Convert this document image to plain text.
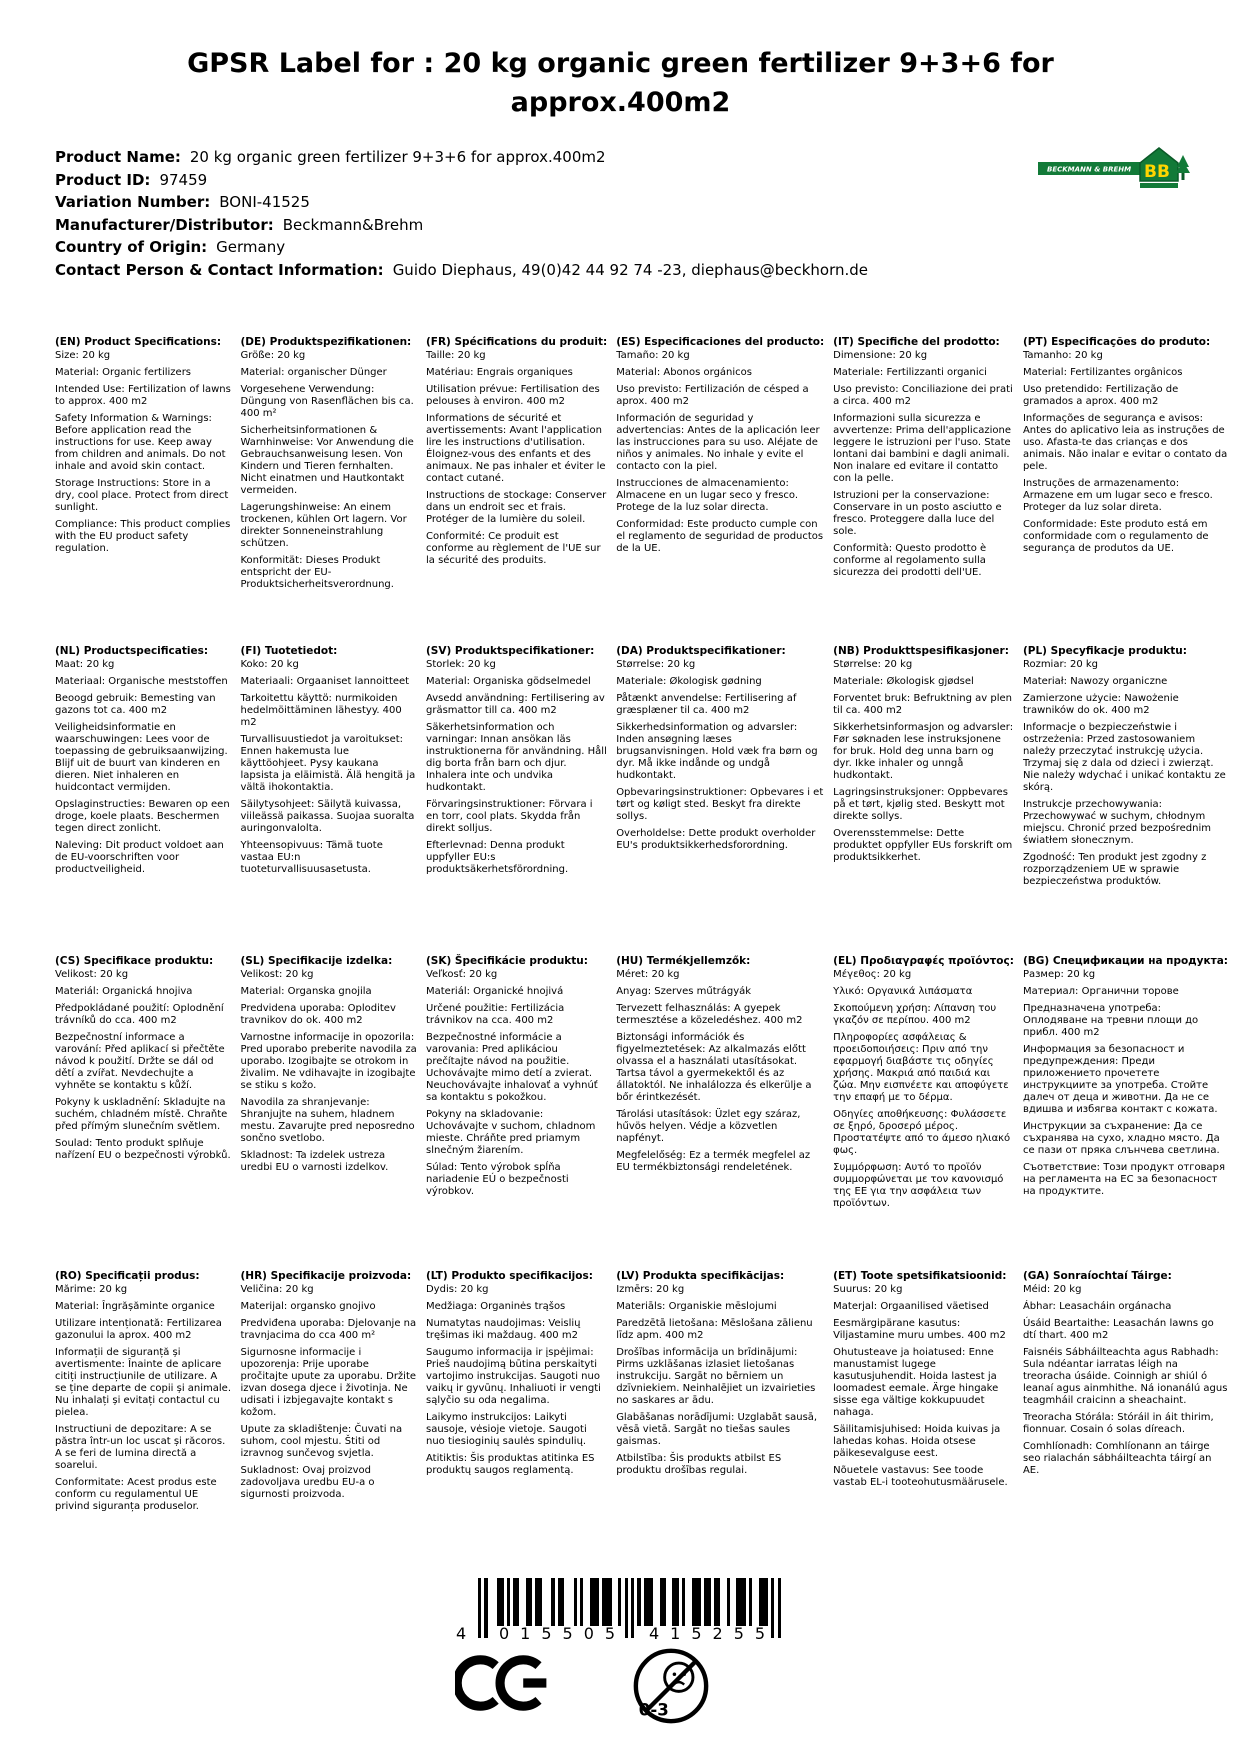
GPSR Label for : 20 kg organic green fertilizer 9+3+6 for approx.400m2
Product Name: 20 kg organic green fertilizer 9+3+6 for approx.400m2
Product ID: 97459
Variation Number: BONI-41525
Manufacturer/Distributor: Beckmann&Brehm
Country of Origin: Germany
Contact Person & Contact Information: Guido Diephaus, 49(0)42 44 92 74 -23, diephaus@beckhorn.de
BECKMANN & BREHM BB
(EN) Product Specifications:

Size: 20 kg

Material: Organic fertilizers

Intended Use: Fertilization of lawns to approx. 400 m2

Safety Information & Warnings: Before application read the instructions for use. Keep away from children and animals. Do not inhale and avoid skin contact.

Storage Instructions: Store in a dry, cool place. Protect from direct sunlight.

Compliance: This product complies with the EU product safety regulation.

(DE) Produktspezifikationen:

Größe: 20 kg

Material: organischer Dünger

Vorgesehene Verwendung: Düngung von Rasenflächen bis ca. 400 m²

Sicherheitsinformationen & Warnhinweise: Vor Anwendung die Gebrauchsanweisung lesen. Von Kindern und Tieren fernhalten. Nicht einatmen und Hautkontakt vermeiden.

Lagerungshinweise: An einem trockenen, kühlen Ort lagern. Vor direkter Sonneneinstrahlung schützen.

Konformität: Dieses Produkt entspricht der EU-Produktsicherheitsverordnung.

(FR) Spécifications du produit:

Taille: 20 kg

Matériau: Engrais organiques

Utilisation prévue: Fertilisation des pelouses à environ. 400 m2

Informations de sécurité et avertissements: Avant l'application lire les instructions d'utilisation. Éloignez-vous des enfants et des animaux. Ne pas inhaler et éviter le contact cutané.

Instructions de stockage: Conserver dans un endroit sec et frais. Protéger de la lumière du soleil.

Conformité: Ce produit est conforme au règlement de l'UE sur la sécurité des produits.

(ES) Especificaciones del producto:

Tamaño: 20 kg

Material: Abonos orgánicos

Uso previsto: Fertilización de césped a aprox. 400 m2

Información de seguridad y advertencias: Antes de la aplicación leer las instrucciones para su uso. Aléjate de niños y animales. No inhale y evite el contacto con la piel.

Instrucciones de almacenamiento: Almacene en un lugar seco y fresco. Protege de la luz solar directa.

Conformidad: Este producto cumple con el reglamento de seguridad de productos de la UE.

(IT) Specifiche del prodotto:

Dimensione: 20 kg

Materiale: Fertilizzanti organici

Uso previsto: Conciliazione dei prati a circa. 400 m2

Informazioni sulla sicurezza e avvertenze: Prima dell'applicazione leggere le istruzioni per l'uso. State lontani dai bambini e dagli animali. Non inalare ed evitare il contatto con la pelle.

Istruzioni per la conservazione: Conservare in un posto asciutto e fresco. Proteggere dalla luce del sole.

Conformità: Questo prodotto è conforme al regolamento sulla sicurezza dei prodotti dell'UE.

(PT) Especificações do produto:

Tamanho: 20 kg

Material: Fertilizantes orgânicos

Uso pretendido: Fertilização de gramados a aprox. 400 m2

Informações de segurança e avisos: Antes do aplicativo leia as instruções de uso. Afasta-te das crianças e dos animais. Não inalar e evitar o contato da pele.

Instruções de armazenamento: Armazene em um lugar seco e fresco. Proteger da luz solar direta.

Conformidade: Este produto está em conformidade com o regulamento de segurança de produtos da UE.

(NL) Productspecificaties:

Maat: 20 kg

Materiaal: Organische meststoffen

Beoogd gebruik: Bemesting van gazons tot ca. 400 m2

Veiligheidsinformatie en waarschuwingen: Lees voor de toepassing de gebruiksaanwijzing. Blijf uit de buurt van kinderen en dieren. Niet inhaleren en huidcontact vermijden.

Opslaginstructies: Bewaren op een droge, koele plaats. Beschermen tegen direct zonlicht.

Naleving: Dit product voldoet aan de EU-voorschriften voor productveiligheid.

(FI) Tuotetiedot:

Koko: 20 kg

Materiaali: Orgaaniset lannoitteet

Tarkoitettu käyttö: nurmikoiden hedelmöittäminen lähestyy. 400 m2

Turvallisuustiedot ja varoitukset: Ennen hakemusta lue käyttöohjeet. Pysy kaukana lapsista ja eläimistä. Älä hengitä ja vältä ihokontaktia.

Säilytysohjeet: Säilytä kuivassa, viileässä paikassa. Suojaa suoralta auringonvalolta.

Yhteensopivuus: Tämä tuote vastaa EU:n tuoteturvallisuusasetusta.

(SV) Produktspecifikationer:

Storlek: 20 kg

Material: Organiska gödselmedel

Avsedd användning: Fertilisering av gräsmattor till ca. 400 m2

Säkerhetsinformation och varningar: Innan ansökan läs instruktionerna för användning. Håll dig borta från barn och djur. Inhalera inte och undvika hudkontakt.

Förvaringsinstruktioner: Förvara i en torr, cool plats. Skydda från direkt solljus.

Efterlevnad: Denna produkt uppfyller EU:s produktsäkerhetsförordning.

(DA) Produktspecifikationer:

Størrelse: 20 kg

Materiale: Økologisk gødning

Påtænkt anvendelse: Fertilisering af græsplæner til ca. 400 m2

Sikkerhedsinformation og advarsler: Inden ansøgning læses brugsanvisningen. Hold væk fra børn og dyr. Må ikke indånde og undgå hudkontakt.

Opbevaringsinstruktioner: Opbevares i et tørt og køligt sted. Beskyt fra direkte sollys.

Overholdelse: Dette produkt overholder EU's produktsikkerhedsforordning.

(NB) Produkttspesifikasjoner:

Størrelse: 20 kg

Materiale: Økologisk gjødsel

Forventet bruk: Befruktning av plen til ca. 400 m2

Sikkerhetsinformasjon og advarsler: Før søknaden lese instruksjonene for bruk. Hold deg unna barn og dyr. Ikke inhaler og unngå hudkontakt.

Lagringsinstruksjoner: Oppbevares på et tørt, kjølig sted. Beskytt mot direkte sollys.

Overensstemmelse: Dette produktet oppfyller EUs forskrift om produktsikkerhet.

(PL) Specyfikacje produktu:

Rozmiar: 20 kg

Materiał: Nawozy organiczne

Zamierzone użycie: Nawożenie trawników do ok. 400 m2

Informacje o bezpieczeństwie i ostrzeżenia: Przed zastosowaniem należy przeczytać instrukcję użycia. Trzymaj się z dala od dzieci i zwierząt. Nie należy wdychać i unikać kontaktu ze skórą.

Instrukcje przechowywania: Przechowywać w suchym, chłodnym miejscu. Chronić przed bezpośrednim światłem słonecznym.

Zgodność: Ten produkt jest zgodny z rozporządzeniem UE w sprawie bezpieczeństwa produktów.

(CS) Specifikace produktu:

Velikost: 20 kg

Materiál: Organická hnojiva

Předpokládané použití: Oplodnění trávníků do cca. 400 m2

Bezpečnostní informace a varování: Před aplikací si přečtěte návod k použití. Držte se dál od dětí a zvířat. Nevdechujte a vyhněte se kontaktu s kůží.

Pokyny k uskladnění: Skladujte na suchém, chladném místě. Chraňte před přímým slunečním světlem.

Soulad: Tento produkt splňuje nařízení EU o bezpečnosti výrobků.

(SL) Specifikacije izdelka:

Velikost: 20 kg

Material: Organska gnojila

Predvidena uporaba: Oploditev travnikov do ok. 400 m2

Varnostne informacije in opozorila: Pred uporabo preberite navodila za uporabo. Izogibajte se otrokom in živalim. Ne vdihavajte in izogibajte se stiku s kožo.

Navodila za shranjevanje: Shranjujte na suhem, hladnem mestu. Zavarujte pred neposredno sončno svetlobo.

Skladnost: Ta izdelek ustreza uredbi EU o varnosti izdelkov.

(SK) Špecifikácie produktu:

Veľkosť: 20 kg

Materiál: Organické hnojivá

Určené použitie: Fertilizácia trávnikov na cca. 400 m2

Bezpečnostné informácie a varovania: Pred aplikáciou prečítajte návod na použitie. Uchovávajte mimo detí a zvierat. Neuchovávajte inhalovať a vyhnúť sa kontaktu s pokožkou.

Pokyny na skladovanie: Uchovávajte v suchom, chladnom mieste. Chráňte pred priamym slnečným žiarením.

Súlad: Tento výrobok spĺňa nariadenie EÚ o bezpečnosti výrobkov.

(HU) Termékjellemzők:

Méret: 20 kg

Anyag: Szerves műtrágyák

Tervezett felhasználás: A gyepek termesztése a közeledéshez. 400 m2

Biztonsági információk és figyelmeztetések: Az alkalmazás előtt olvassa el a használati utasításokat. Tartsa távol a gyermekektől és az állatoktól. Ne inhalálozza és elkerülje a bőr érintkezését.

Tárolási utasítások: Üzlet egy száraz, hűvös helyen. Védje a közvetlen napfényt.

Megfelelőség: Ez a termék megfelel az EU termékbiztonsági rendeletének.

(EL) Προδιαγραφές προϊόντος:

Μέγεθος: 20 kg

Υλικό: Οργανικά λιπάσματα

Σκοπούμενη χρήση: Λίπανση του γκαζόν σε περίπου. 400 m2

Πληροφορίες ασφάλειας & προειδοποιήσεις: Πριν από την εφαρμογή διαβάστε τις οδηγίες χρήσης. Μακριά από παιδιά και ζώα. Μην εισπνέετε και αποφύγετε την επαφή με το δέρμα.

Οδηγίες αποθήκευσης: Φυλάσσετε σε ξηρό, δροσερό μέρος. Προστατέψτε από το άμεσο ηλιακό φως.

Συμμόρφωση: Αυτό το προϊόν συμμορφώνεται με τον κανονισμό της ΕΕ για την ασφάλεια των προϊόντων.

(BG) Спецификации на продукта:

Размер: 20 kg

Материал: Органични торове

Предназначена употреба: Оплодяване на тревни площи до прибл. 400 m2

Информация за безопасност и предупреждения: Преди приложението прочетете инструкциите за употреба. Стойте далеч от деца и животни. Да не се вдишва и избягва контакт с кожата.

Инструкции за съхранение: Да се съхранява на сухо, хладно място. Да се пази от пряка слънчева светлина.

Съответствие: Този продукт отговаря на регламента на ЕС за безопасност на продуктите.

(RO) Specificații produs:

Mărime: 20 kg

Material: Îngrășăminte organice

Utilizare intenționată: Fertilizarea gazonului la aprox. 400 m2

Informații de siguranță și avertismente: Înainte de aplicare citiți instrucțiunile de utilizare. A se ține departe de copii și animale. Nu inhalați și evitați contactul cu pielea.

Instructiuni de depozitare: A se păstra într-un loc uscat și răcoros. A se feri de lumina directă a soarelui.

Conformitate: Acest produs este conform cu regulamentul UE privind siguranța produselor.

(HR) Specifikacije proizvoda:

Veličina: 20 kg

Materijal: organsko gnojivo

Predviđena uporaba: Djelovanje na travnjacima do cca 400 m²

Sigurnosne informacije i upozorenja: Prije uporabe pročitajte upute za uporabu. Držite izvan dosega djece i životinja. Ne udisati i izbjegavajte kontakt s kožom.

Upute za skladištenje: Čuvati na suhom, cool mjestu. Štiti od izravnog sunčevog svjetla.

Sukladnost: Ovaj proizvod zadovoljava uredbu EU-a o sigurnosti proizvoda.

(LT) Produkto specifikacijos:

Dydis: 20 kg

Medžiaga: Organinės trąšos

Numatytas naudojimas: Veislių tręšimas iki maždaug. 400 m2

Saugumo informacija ir įspėjimai: Prieš naudojimą būtina perskaityti vartojimo instrukcijas. Saugoti nuo vaikų ir gyvūnų. Inhaliuoti ir vengti sąlyčio su oda negalima.

Laikymo instrukcijos: Laikyti sausoje, vėsioje vietoje. Saugoti nuo tiesioginių saulės spindulių.

Atitiktis: Šis produktas atitinka ES produktų saugos reglamentą.

(LV) Produkta specifikācijas:

Izmērs: 20 kg

Materiāls: Organiskie mēslojumi

Paredzētā lietošana: Mēslošana zālienu līdz apm. 400 m2

Drošības informācija un brīdinājumi: Pirms uzklāšanas izlasiet lietošanas instrukciju. Sargāt no bērniem un dzīvniekiem. Neinhalējiet un izvairieties no saskares ar ādu.

Glabāšanas norādījumi: Uzglabāt sausā, vēsā vietā. Sargāt no tiešas saules gaismas.

Atbilstība: Šis produkts atbilst ES produktu drošības regulai.

(ET) Toote spetsifikatsioonid:

Suurus: 20 kg

Materjal: Orgaanilised väetised

Eesmärgipärane kasutus: Viljastamine muru umbes. 400 m2

Ohutusteave ja hoiatused: Enne manustamist lugege kasutusjuhendit. Hoida lastest ja loomadest eemale. Ärge hingake sisse ega vältige kokkupuudet nahaga.

Säilitamisjuhised: Hoida kuivas ja lahedas kohas. Hoida otsese päikesevalguse eest.

Nõuetele vastavus: See toode vastab EL-i tooteohutusmäärusele.

(GA) Sonraíochtaí Táirge:

Méid: 20 kg

Ábhar: Leasacháin orgánacha

Úsáid Beartaithe: Leasachán lawns go dtí thart. 400 m2

Faisnéis Sábháilteachta agus Rabhadh: Sula ndéantar iarratas léigh na treoracha úsáide. Coinnigh ar shiúl ó leanaí agus ainmhithe. Ná ionanálú agus teagmháil craicinn a sheachaint.

Treoracha Stórála: Stóráil in áit thirim, fionnuar. Cosain ó solas díreach.

Comhlíonadh: Comhlíonann an táirge seo rialachán sábháilteachta táirgí an AE.

4	015505	415255
0-3
